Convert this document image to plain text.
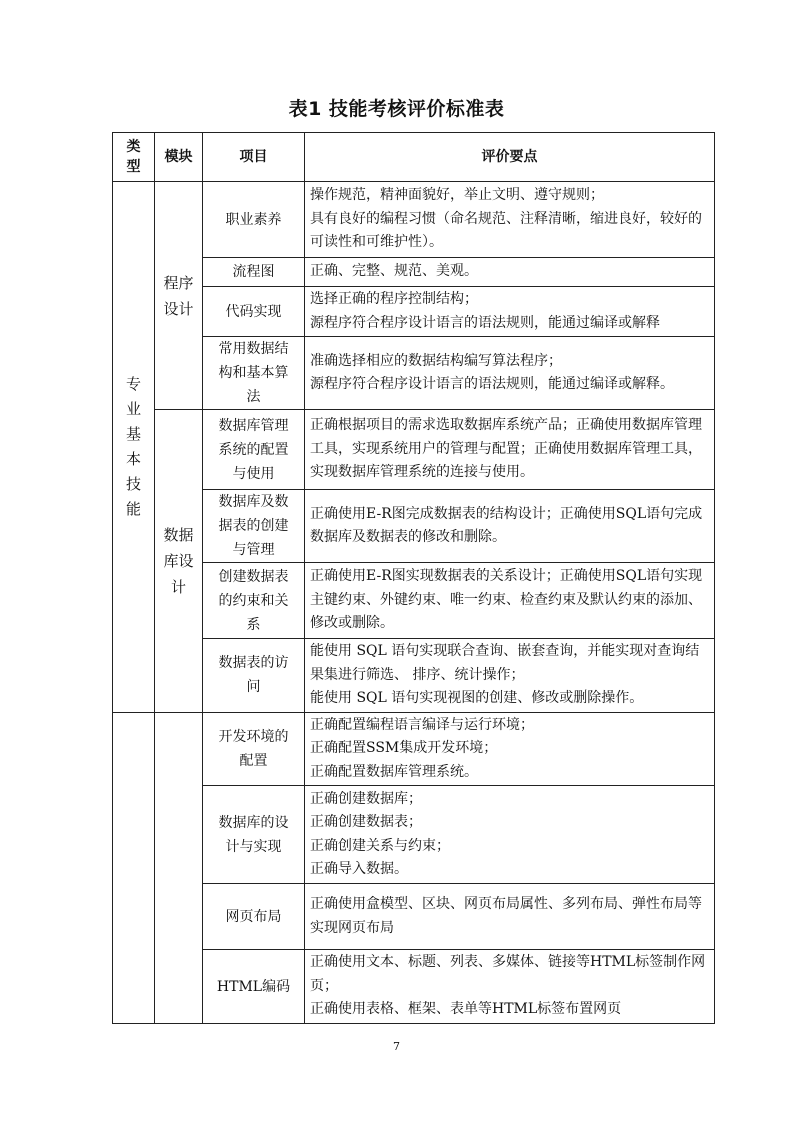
表1 技能考核评价标准表
类型	模块	项目	评价要点
专业基本技能	程序设计	职业素养	操作规范，精神面貌好，举止文明、遵守规则；
具有良好的编程习惯（命名规范、注释清晰，缩进良好，较好的可读性和可维护性）。

		流程图	正确、完整、规范、美观。

		代码实现	选择正确的程序控制结构；
源程序符合程序设计语言的语法规则，能通过编译或解释

		常用数据结构和基本算法	准确选择相应的数据结构编写算法程序；
源程序符合程序设计语言的语法规则，能通过编译或解释。

	数据库设计	数据库管理系统的配置与使用	正确根据项目的需求选取数据库系统产品；正确使用数据库管理工具，实现系统用户的管理与配置；正确使用数据库管理工具，实现数据库管理系统的连接与使用。

		数据库及数据表的创建与管理	正确使用E-R图完成数据表的结构设计；正确使用SQL语句完成数据库及数据表的修改和删除。

		创建数据表的约束和关系	正确使用E-R图实现数据表的关系设计；正确使用SQL语句实现主键约束、外键约束、唯一约束、检查约束及默认约束的添加、修改或删除。

		数据表的访问	能使用 SQL 语句实现联合查询、嵌套查询，并能实现对查询结果集进行筛选、 排序、统计操作；
能使用 SQL 语句实现视图的创建、修改或删除操作。

		开发环境的配置	正确配置编程语言编译与运行环境；
正确配置SSM集成开发环境；
正确配置数据库管理系统。

		数据库的设计与实现	正确创建数据库；
正确创建数据表；
正确创建关系与约束；
正确导入数据。

		网页布局	正确使用盒模型、区块、网页布局属性、多列布局、弹性布局等实现网页布局

		HTML编码	正确使用文本、标题、列表、多媒体、链接等HTML标签制作网页；
正确使用表格、框架、表单等HTML标签布置网页
7
